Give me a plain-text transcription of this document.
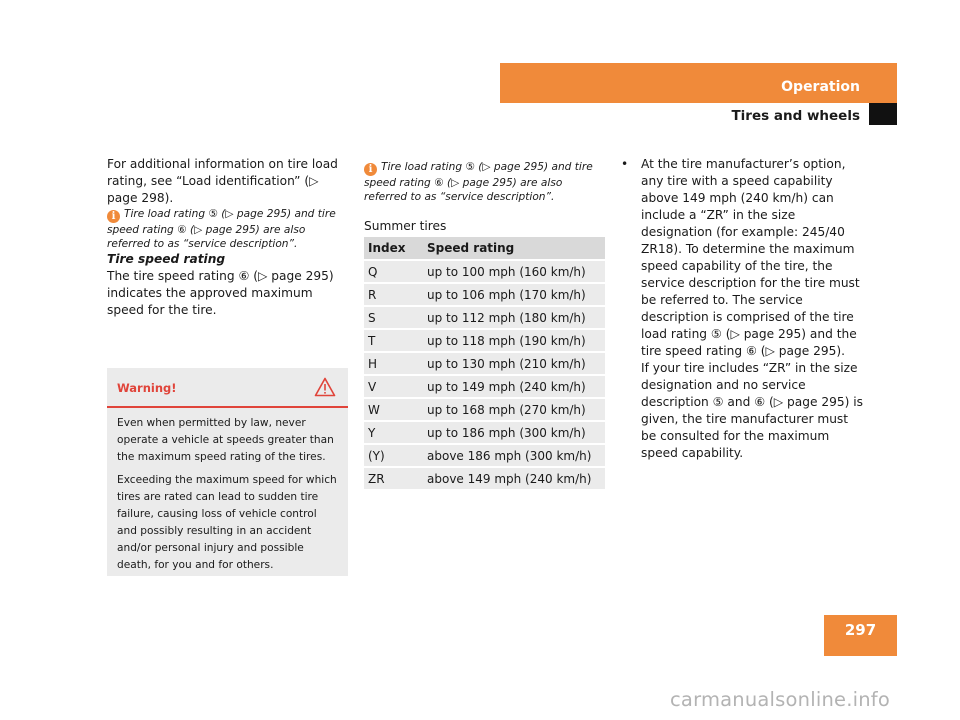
Operation
Tires and wheels

For additional information on tire load rating, see “Load identification” (▷ page 298).

i Tire load rating ⑤ (▷ page 295) and tire speed rating ⑥ (▷ page 295) are also referred to as “service description”.

Tire speed rating

The tire speed rating ⑥ (▷ page 295) indicates the approved maximum speed for the tire.

Warning!

Even when permitted by law, never operate a vehicle at speeds greater than the maximum speed rating of the tires.

Exceeding the maximum speed for which tires are rated can lead to sudden tire failure, causing loss of vehicle control and possibly resulting in an accident and/or personal injury and possible death, for you and for others.

i Tire load rating ⑤ (▷ page 295) and tire speed rating ⑥ (▷ page 295) are also referred to as “service description”.

Summer tires

Index	Speed rating
Q	up to 100 mph (160 km/h)
R	up to 106 mph (170 km/h)
S	up to 112 mph (180 km/h)
T	up to 118 mph (190 km/h)
H	up to 130 mph (210 km/h)
V	up to 149 mph (240 km/h)
W	up to 168 mph (270 km/h)
Y	up to 186 mph (300 km/h)
(Y)	above 186 mph (300 km/h)
ZR	above 149 mph (240 km/h)

• At the tire manufacturer’s option, any tire with a speed capability above 149 mph (240 km/h) can include a “ZR” in the size designation (for example: 245/40 ZR18). To determine the maximum speed capability of the tire, the service description for the tire must be referred to. The service description is comprised of the tire load rating ⑤ (▷ page 295) and the tire speed rating ⑥ (▷ page 295).

If your tire includes “ZR” in the size designation and no service description ⑤ and ⑥ (▷ page 295) is given, the tire manufacturer must be consulted for the maximum speed capability.

297
carmanualsonline.info
